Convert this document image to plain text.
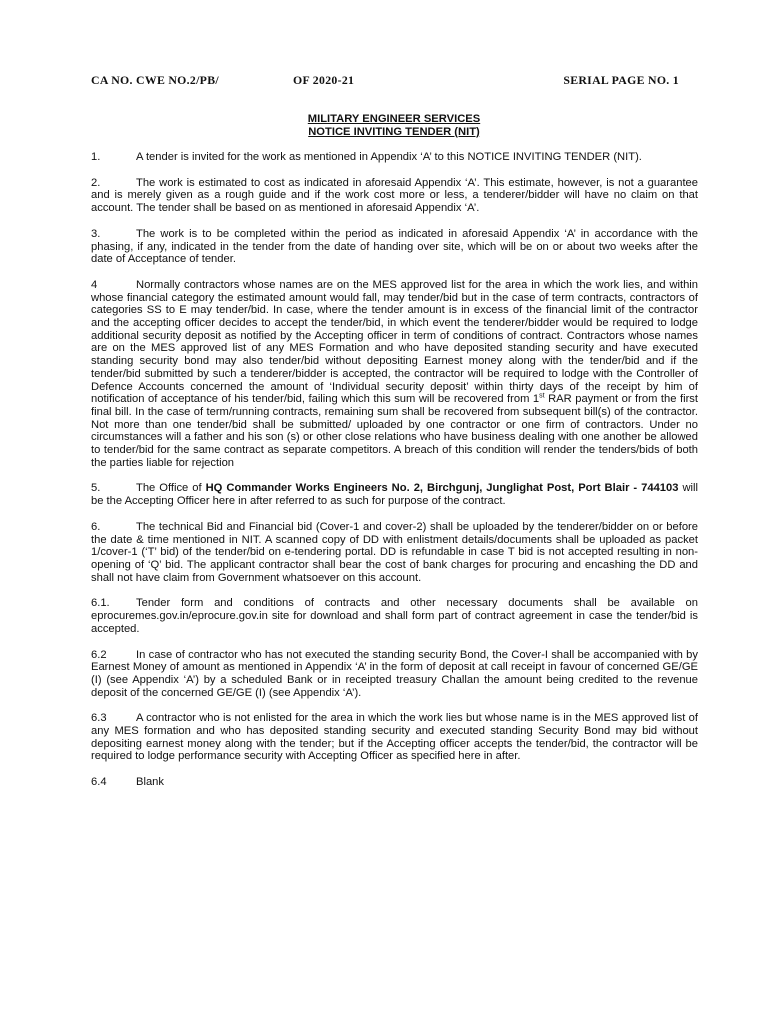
CA NO. CWE NO.2/PB/	OF 2020-21	SERIAL PAGE NO. 1
MILITARY ENGINEER SERVICES
NOTICE INVITING TENDER (NIT)

1.	A tender is invited for the work as mentioned in Appendix ‘A’ to this NOTICE INVITING TENDER (NIT).

2.	The work is estimated to cost as indicated in aforesaid Appendix ‘A’. This estimate, however, is not a guarantee and is merely given as a rough guide and if the work cost more or less, a tenderer/bidder will have no claim on that account. The tender shall be based on as mentioned in aforesaid Appendix ‘A’.

3.	The work is to be completed within the period as indicated in aforesaid Appendix ‘A’ in accordance with the phasing, if any, indicated in the tender from the date of handing over site, which will be on or about two weeks after the date of Acceptance of tender.

4	Normally contractors whose names are on the MES approved list for the area in which the work lies, and within whose financial category the estimated amount would fall, may tender/bid but in the case of term contracts, contractors of categories SS to E may tender/bid. In case, where the tender amount is in excess of the financial limit of the contractor and the accepting officer decides to accept the tender/bid, in which event the tenderer/bidder would be required to lodge additional security deposit as notified by the Accepting officer in term of conditions of contract. Contractors whose names are on the MES approved list of any MES Formation and who have deposited standing security and have executed standing security bond may also tender/bid without depositing Earnest money along with the tender/bid and if the tender/bid submitted by such a tenderer/bidder is accepted, the contractor will be required to lodge with the Controller of Defence Accounts concerned the amount of ‘Individual security deposit’ within thirty days of the receipt by him of notification of acceptance of his tender/bid, failing which this sum will be recovered from 1st RAR payment or from the first final bill. In the case of term/running contracts, remaining sum shall be recovered from subsequent bill(s) of the contractor. Not more than one tender/bid shall be submitted/ uploaded by one contractor or one firm of contractors. Under no circumstances will a father and his son (s) or other close relations who have business dealing with one another be allowed to tender/bid for the same contract as separate competitors. A breach of this condition will render the tenders/bids of both the parties liable for rejection

5.	The Office of HQ Commander Works Engineers No. 2, Birchgunj, Junglighat Post, Port Blair - 744103 will be the Accepting Officer here in after referred to as such for purpose of the contract.

6.	The technical Bid and Financial bid (Cover-1 and cover-2) shall be uploaded by the tenderer/bidder on or before the date & time mentioned in NIT. A scanned copy of DD with enlistment details/documents shall be uploaded as packet 1/cover-1 (‘T’ bid) of the tender/bid on e-tendering portal. DD is refundable in case T bid is not accepted resulting in non-opening of ‘Q’ bid. The applicant contractor shall bear the cost of bank charges for procuring and encashing the DD and shall not have claim from Government whatsoever on this account.

6.1. Tender form and conditions of contracts and other necessary documents shall be available on eprocuremes.gov.in/eprocure.gov.in site for download and shall form part of contract agreement in case the tender/bid is accepted.

6.2	In case of contractor who has not executed the standing security Bond, the Cover-I shall be accompanied with by Earnest Money of amount as mentioned in Appendix ‘A’ in the form of deposit at call receipt in favour of concerned GE/GE (I) (see Appendix ‘A’) by a scheduled Bank or in receipted treasury Challan the amount being credited to the revenue deposit of the concerned GE/GE (I) (see Appendix ‘A’).

6.3	A contractor who is not enlisted for the area in which the work lies but whose name is in the MES approved list of any MES formation and who has deposited standing security and executed standing Security Bond may bid without depositing earnest money along with the tender; but if the Accepting officer accepts the tender/bid, the contractor will be required to lodge performance security with Accepting Officer as specified here in after.

6.4	Blank
